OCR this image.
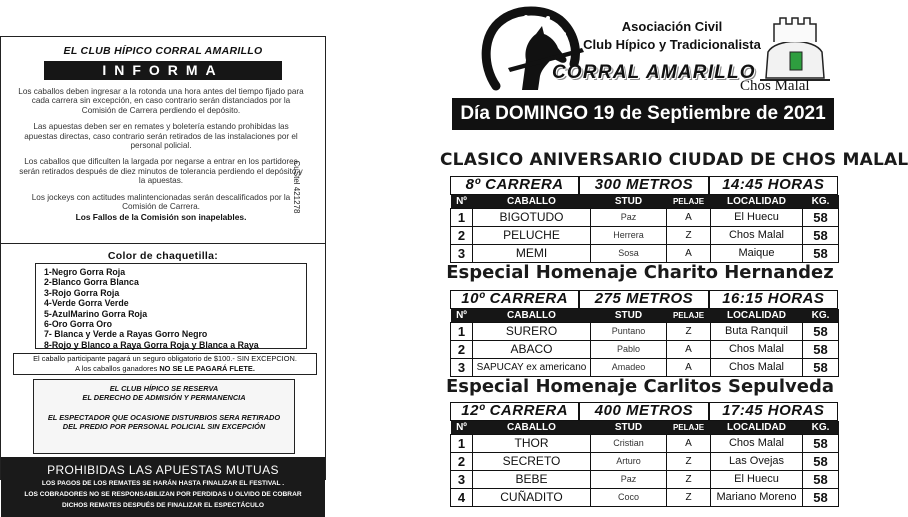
EL CLUB HÍPICO CORRAL AMARILLO
INFORMA

Los caballos deben ingresar a la rotonda una hora antes del tiempo fijado para cada carrera sin excepción, en caso contrario serán distanciados por la Comisión de Carrera perdiendo el depósito.

Las apuestas deben ser en remates y boletería estando prohibidas las apuestas directas, caso contrario serán retirados de las instalaciones por el personal policial.

Los caballos que dificulten la largada por negarse a entrar en los partidores serán retirados después de diez minutos de tolerancia perdiendo el depósito y la apuestas.

Los jockeys con actitudes malintencionadas serán descalificados por la Comisión de Carrera.

Los Fallos de la Comisión son inapelables.

CuStel 421278
Color de chaquetilla:
1-Negro Gorra Roja
2-Blanco Gorra Blanca
3-Rojo Gorra Roja
4-Verde Gorra Verde
5-AzulMarino Gorra Roja
6-Oro Gorra Oro
7- Blanca y Verde a Rayas Gorro Negro
8-Rojo y Blanco a Raya Gorra Roja y Blanca a Raya
El caballo participante pagará un seguro obligatorio de $100.- SIN EXCEPCION.
A los caballos ganadores NO SE LE PAGARÁ FLETE.
EL CLUB HÍPICO SE RESERVA
EL DERECHO DE ADMISIÓN Y PERMANENCIA
EL ESPECTADOR QUE OCASIONE DISTURBIOS SERA RETIRADO
DEL PREDIO POR PERSONAL POLICIAL SIN EXCEPCIÓN
PROHIBIDAS LAS APUESTAS MUTUAS
LOS PAGOS DE LOS REMATES SE HARÁN HASTA FINALIZAR EL FESTIVAL .
LOS COBRADORES NO SE RESPONSABILIZAN POR PERDIDAS U OLVIDO DE COBRAR
DICHOS REMATES DESPUÉS DE FINALIZAR EL ESPECTÁCULO
Asociación Civil
Club Hípico y Tradicionalista
CORRAL AMARILLO
Chos Malal
Día DOMINGO 19 de Septiembre de 2021
CLASICO ANIVERSARIO CIUDAD DE CHOS MALAL
8º CARRERA	300 METROS	14:45 HORAS
Nº	CABALLO	STUD	PELAJE	LOCALIDAD	KG.
1	BIGOTUDO	Paz	A	El Huecu	58
2	PELUCHE	Herrera	Z	Chos Malal	58
3	MEMI	Sosa	A	Maique	58
Especial Homenaje Charito Hernandez
10º CARRERA	275 METROS	16:15 HORAS
Nº	CABALLO	STUD	PELAJE	LOCALIDAD	KG.
1	SURERO	Puntano	Z	Buta Ranquil	58
2	ABACO	Pablo	A	Chos Malal	58
3	SAPUCAY ex americano	Amadeo	A	Chos Malal	58
Especial Homenaje Carlitos Sepulveda
12º CARRERA	400 METROS	17:45 HORAS
Nº	CABALLO	STUD	PELAJE	LOCALIDAD	KG.
1	THOR	Cristian	A	Chos Malal	58
2	SECRETO	Arturo	Z	Las Ovejas	58
3	BEBE	Paz	Z	El Huecu	58
4	CUÑADITO	Coco	Z	Mariano Moreno	58
